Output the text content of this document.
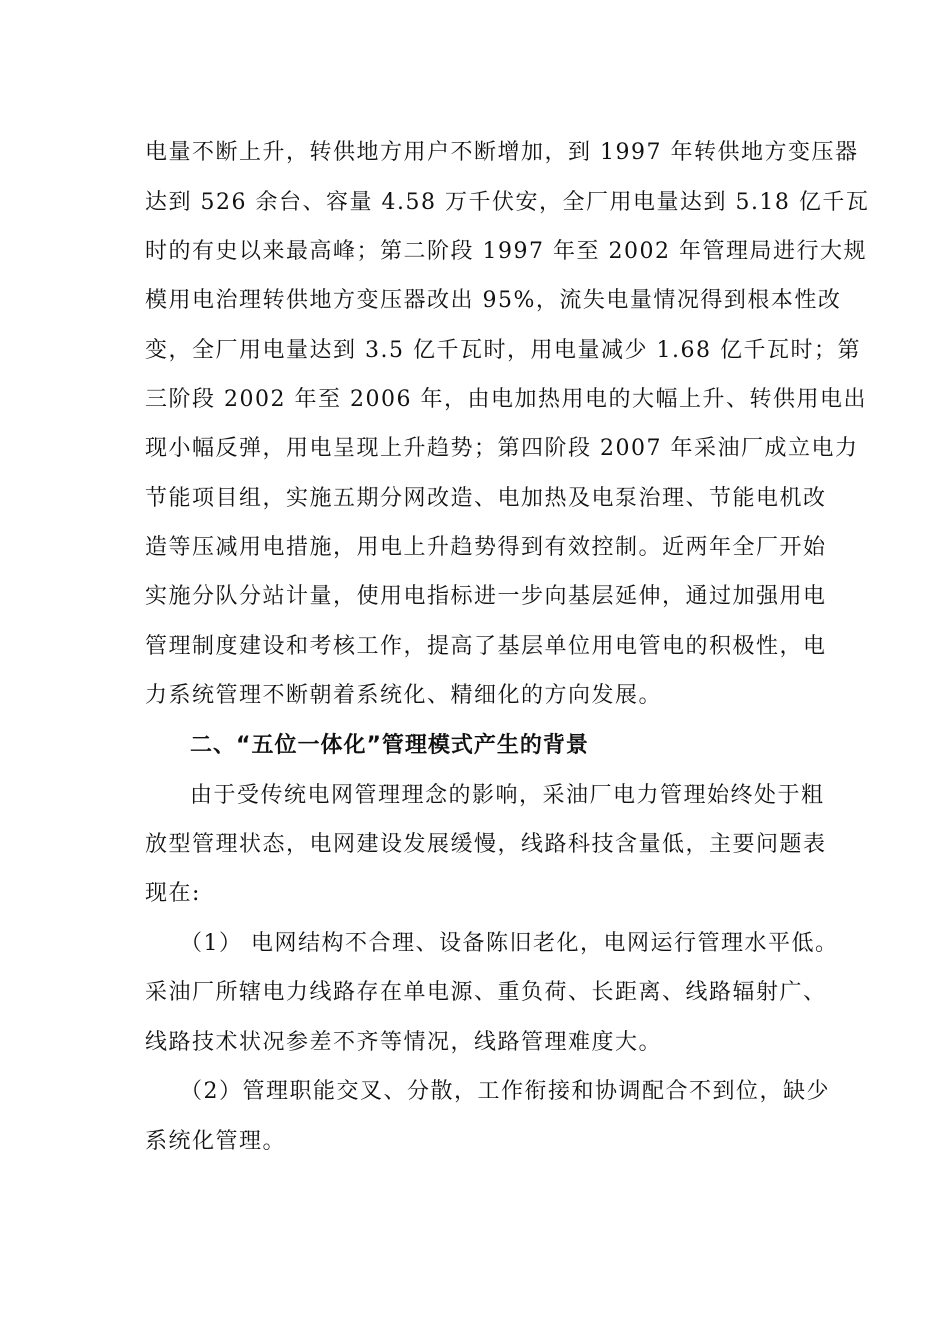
电量不断上升，转供地方用户不断增加，到 1997 年转供地方变压器
达到 526 余台、容量 4.58 万千伏安，全厂用电量达到 5.18 亿千瓦
时的有史以来最高峰；第二阶段 1997 年至 2002 年管理局进行大规
模用电治理转供地方变压器改出 95%，流失电量情况得到根本性改
变，全厂用电量达到 3.5 亿千瓦时，用电量减少 1.68 亿千瓦时；第
三阶段 2002 年至 2006 年，由电加热用电的大幅上升、转供用电出
现小幅反弹，用电呈现上升趋势；第四阶段 2007 年采油厂成立电力
节能项目组，实施五期分网改造、电加热及电泵治理、节能电机改
造等压减用电措施，用电上升趋势得到有效控制。近两年全厂开始
实施分队分站计量，使用电指标进一步向基层延伸，通过加强用电
管理制度建设和考核工作，提高了基层单位用电管电的积极性，电
力系统管理不断朝着系统化、精细化的方向发展。
二、“五位一体化”管理模式产生的背景
由于受传统电网管理理念的影响，采油厂电力管理始终处于粗
放型管理状态，电网建设发展缓慢，线路科技含量低，主要问题表
现在:
（1） 电网结构不合理、设备陈旧老化，电网运行管理水平低。
采油厂所辖电力线路存在单电源、重负荷、长距离、线路辐射广、
线路技术状况参差不齐等情况，线路管理难度大。
（2）管理职能交叉、分散，工作衔接和协调配合不到位，缺少
系统化管理。
